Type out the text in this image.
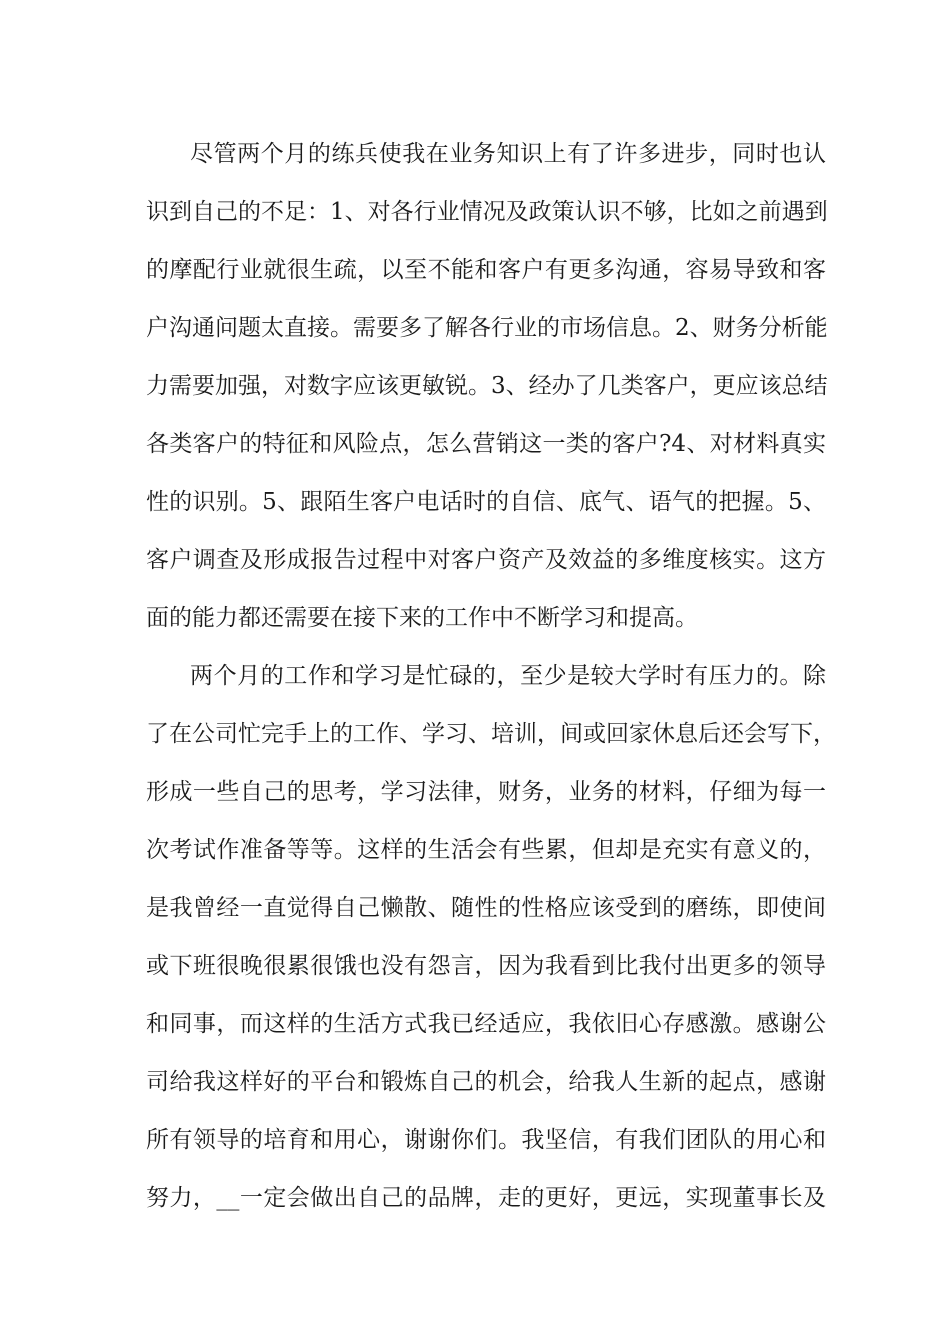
尽管两个月的练兵使我在业务知识上有了许多进步，同时也认
识到自己的不足：1、对各行业情况及政策认识不够，比如之前遇到
的摩配行业就很生疏，以至不能和客户有更多沟通，容易导致和客
户沟通问题太直接。需要多了解各行业的市场信息。2、财务分析能
力需要加强，对数字应该更敏锐。3、经办了几类客户，更应该总结
各类客户的特征和风险点，怎么营销这一类的客户?4、对材料真实
性的识别。5、跟陌生客户电话时的自信、底气、语气的把握。5、
客户调查及形成报告过程中对客户资产及效益的多维度核实。这方
面的能力都还需要在接下来的工作中不断学习和提高。
两个月的工作和学习是忙碌的，至少是较大学时有压力的。除
了在公司忙完手上的工作、学习、培训，间或回家休息后还会写下，
形成一些自己的思考，学习法律，财务，业务的材料，仔细为每一
次考试作准备等等。这样的生活会有些累，但却是充实有意义的，
是我曾经一直觉得自己懒散、随性的性格应该受到的磨练，即使间
或下班很晚很累很饿也没有怨言，因为我看到比我付出更多的领导
和同事，而这样的生活方式我已经适应，我依旧心存感激。感谢公
司给我这样好的平台和锻炼自己的机会，给我人生新的起点，感谢
所有领导的培育和用心，谢谢你们。我坚信，有我们团队的用心和
努力，__一定会做出自己的品牌，走的更好，更远，实现董事长及
